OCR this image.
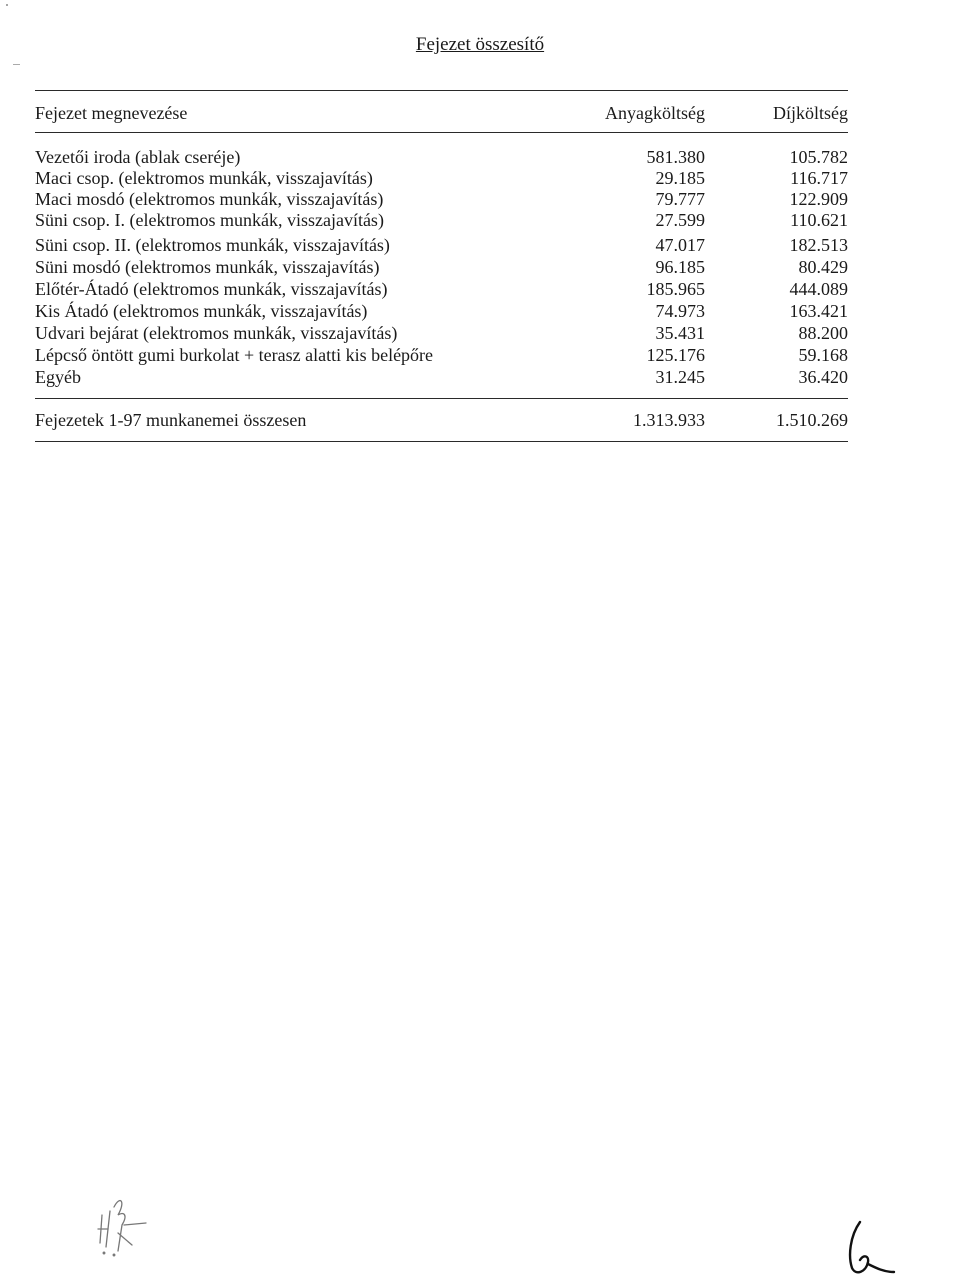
Fejezet összesítő
Fejezet megnevezése	Anyagköltség	Díjköltség
Vezetői iroda (ablak cseréje)	581.380	105.782
Maci csop. (elektromos munkák, visszajavítás)	29.185	116.717
Maci mosdó (elektromos munkák, visszajavítás)	79.777	122.909
Süni csop. I. (elektromos munkák, visszajavítás)	27.599	110.621
Süni csop. II. (elektromos munkák, visszajavítás)	47.017	182.513
Süni mosdó (elektromos munkák, visszajavítás)	96.185	80.429
Előtér-Átadó (elektromos munkák, visszajavítás)	185.965	444.089
Kis Átadó (elektromos munkák, visszajavítás)	74.973	163.421
Udvari bejárat (elektromos munkák, visszajavítás)	35.431	88.200
Lépcső öntött gumi burkolat + terasz alatti kis belépőre	125.176	59.168
Egyéb	31.245	36.420
Fejezetek 1-97 munkanemei összesen	1.313.933	1.510.269
